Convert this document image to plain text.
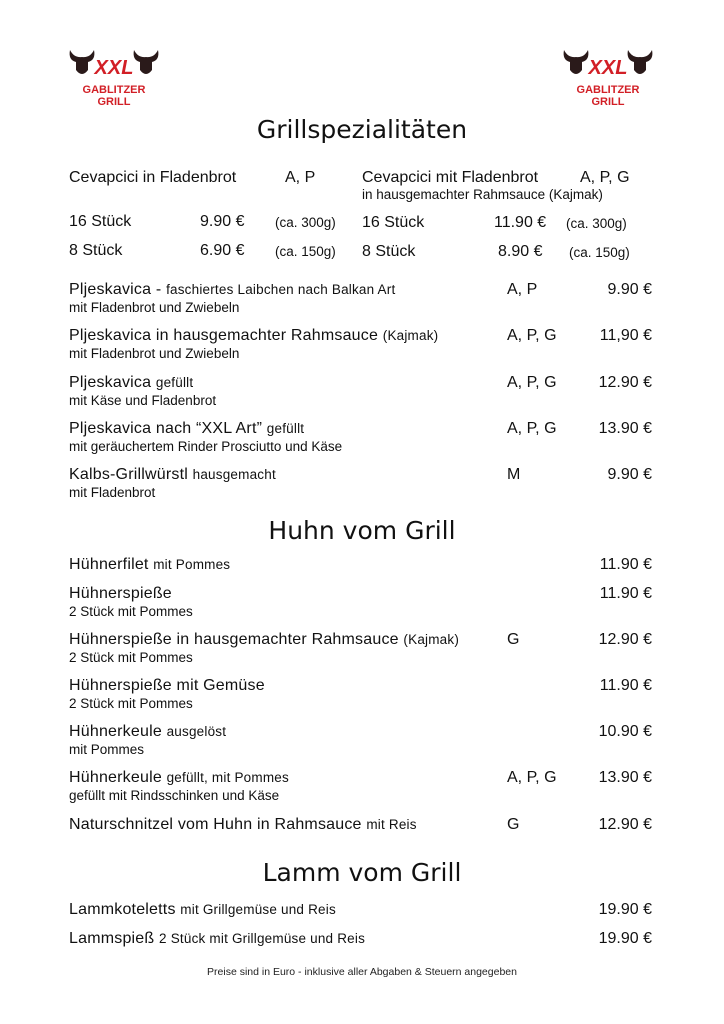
XXL
GABLITZER
GRILL
XXL
GABLITZER
GRILL
Grillspezialitäten
Cevapcici in Fladenbrot	A, P
16 Stück	9.90 € (ca. 300g)
8 Stück	6.90 € (ca. 150g)
Cevapcici mit Fladenbrot	A, P, G
in hausgemachter Rahmsauce (Kajmak)
16 Stück	11.90 € (ca. 300g)
8 Stück	8.90 € (ca. 150g)
Pljeskavica - faschiertes Laibchen nach Balkan Art
mit Fladenbrot und Zwiebeln
A, P	9.90 €
Pljeskavica in hausgemachter Rahmsauce (Kajmak)
mit Fladenbrot und Zwiebeln
A, P, G	11,90 €
Pljeskavica gefüllt
mit Käse und Fladenbrot
A, P, G	12.90 €
Pljeskavica nach “XXL Art” gefüllt
mit geräuchertem Rinder Prosciutto und Käse
A, P, G	13.90 €
Kalbs-Grillwürstl hausgemacht
mit Fladenbrot
M	9.90 €
Huhn vom Grill
Hühnerfilet mit Pommes	11.90 €
Hühnerspieße
2 Stück mit Pommes
11.90 €
Hühnerspieße in hausgemachter Rahmsauce (Kajmak)
2 Stück mit Pommes
G	12.90 €
Hühnerspieße mit Gemüse
2 Stück mit Pommes
11.90 €
Hühnerkeule ausgelöst
mit Pommes
10.90 €
Hühnerkeule gefüllt, mit Pommes
gefüllt mit Rindsschinken und Käse
A, P, G	13.90 €
Naturschnitzel vom Huhn in Rahmsauce mit Reis	G	12.90 €
Lamm vom Grill
Lammkoteletts mit Grillgemüse und Reis	19.90 €
Lammspieß 2 Stück mit Grillgemüse und Reis	19.90 €
Preise sind in Euro - inklusive aller Abgaben & Steuern angegeben
